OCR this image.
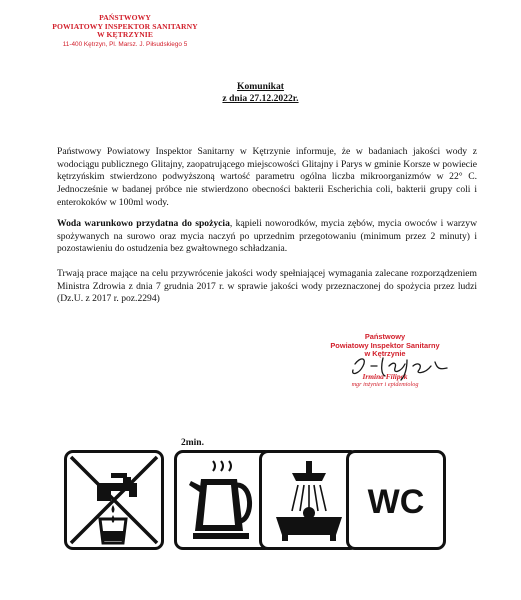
PAŃSTWOWY
POWIATOWY INSPEKTOR SANITARNY
W KĘTRZYNIE
11-400 Kętrzyn, Pl. Marsz. J. Piłsudskiego 5
Komunikat
z dnia 27.12.2022r.

Państwowy Powiatowy Inspektor Sanitarny w Kętrzynie informuje, że w badaniach jakości wody z wodociągu publicznego Glitajny, zaopatrującego miejscowości Glitajny i Parys w gminie Korsze w powiecie kętrzyńskim stwierdzono podwyższoną wartość parametru ogólna liczba mikroorganizmów w 22° C. Jednocześnie w badanej próbce nie stwierdzono obecności bakterii Escherichia coli, bakterii grupy coli i enterokoków w 100ml wody.

Woda warunkowo przydatna do spożycia, kąpieli noworodków, mycia zębów, mycia owoców i warzyw spożywanych na surowo oraz mycia naczyń po uprzednim przegotowaniu (minimum przez 2 minuty) i pozostawieniu do ostudzenia bez gwałtownego schładzania.

Trwają prace mające na celu przywrócenie jakości wody spełniającej wymagania zalecane rozporządzeniem Ministra Zdrowia z dnia 7 grudnia 2017 r. w sprawie jakości wody przeznaczonej do spożycia przez ludzi (Dz.U. z 2017 r. poz.2294)

Państwowy
Powiatowy Inspektor Sanitarny
w Kętrzynie
Irmina Filipek
mgr inżynier i epidemiolog
2min.
WC
